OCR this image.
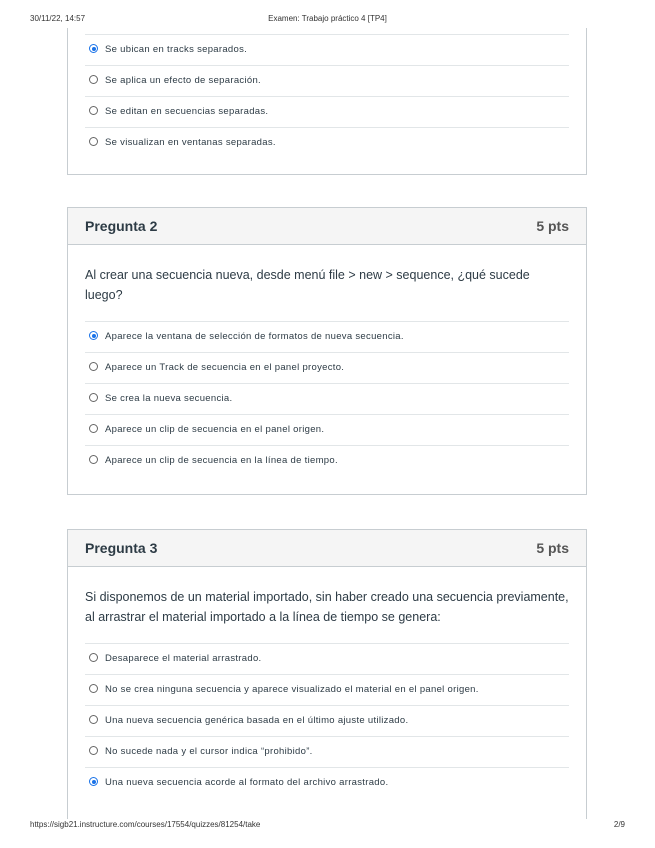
30/11/22, 14:57	Examen: Trabajo práctico 4 [TP4]
Se ubican en tracks separados.
Se aplica un efecto de separación.
Se editan en secuencias separadas.
Se visualizan en ventanas separadas.
Pregunta 2	5 pts
Al crear una secuencia nueva, desde menú file > new > sequence, ¿qué sucede luego?
Aparece la ventana de selección de formatos de nueva secuencia.
Aparece un Track de secuencia en el panel proyecto.
Se crea la nueva secuencia.
Aparece un clip de secuencia en el panel origen.
Aparece un clip de secuencia en la línea de tiempo.
Pregunta 3	5 pts
Si disponemos de un material importado, sin haber creado una secuencia previamente, al arrastrar el material importado a la línea de tiempo se genera:
Desaparece el material arrastrado.
No se crea ninguna secuencia y aparece visualizado el material en el panel origen.
Una nueva secuencia genérica basada en el último ajuste utilizado.
No sucede nada y el cursor indica “prohibido”.
Una nueva secuencia acorde al formato del archivo arrastrado.
https://sigb21.instructure.com/courses/17554/quizzes/81254/take	2/9
